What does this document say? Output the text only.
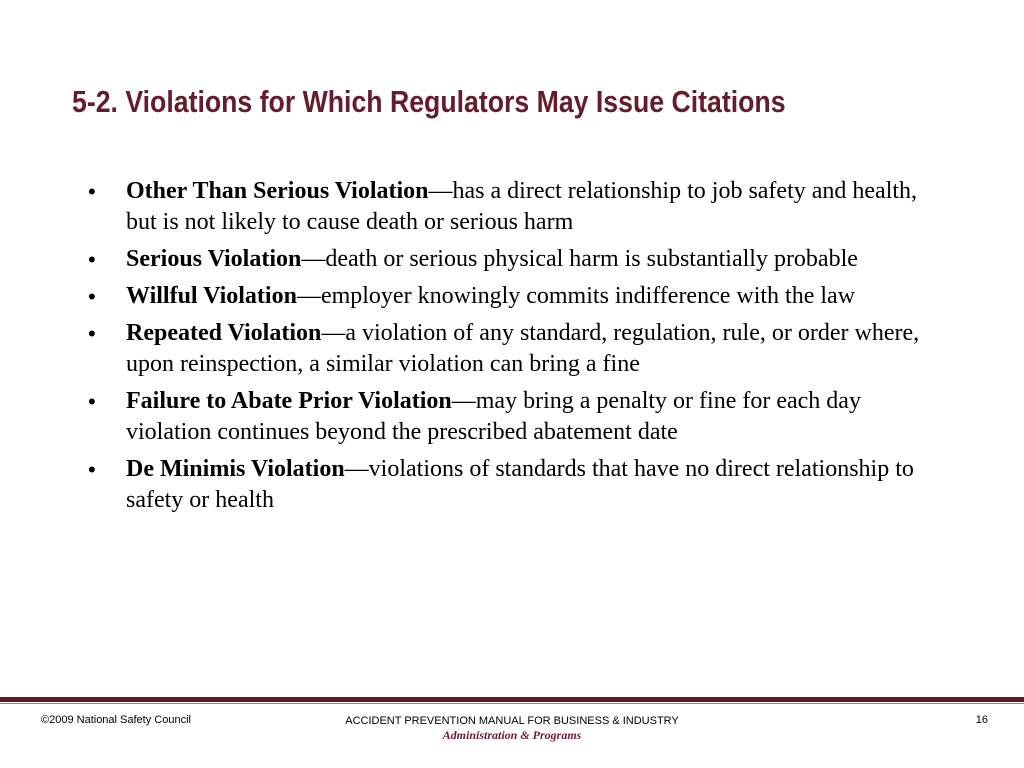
5-2. Violations for Which Regulators May Issue Citations
• Other Than Serious Violation—has a direct relationship to job safety and health, but is not likely to cause death or serious harm
• Serious Violation—death or serious physical harm is substantially probable
• Willful Violation—employer knowingly commits indifference with the law
• Repeated Violation—a violation of any standard, regulation, rule, or order where, upon reinspection, a similar violation can bring a fine
• Failure to Abate Prior Violation—may bring a penalty or fine for each day violation continues beyond the prescribed abatement date
• De Minimis Violation—violations of standards that have no direct relationship to safety or health
©2009 National Safety Council	ACCIDENT PREVENTION MANUAL FOR BUSINESS & INDUSTRY
Administration & Programs
16
